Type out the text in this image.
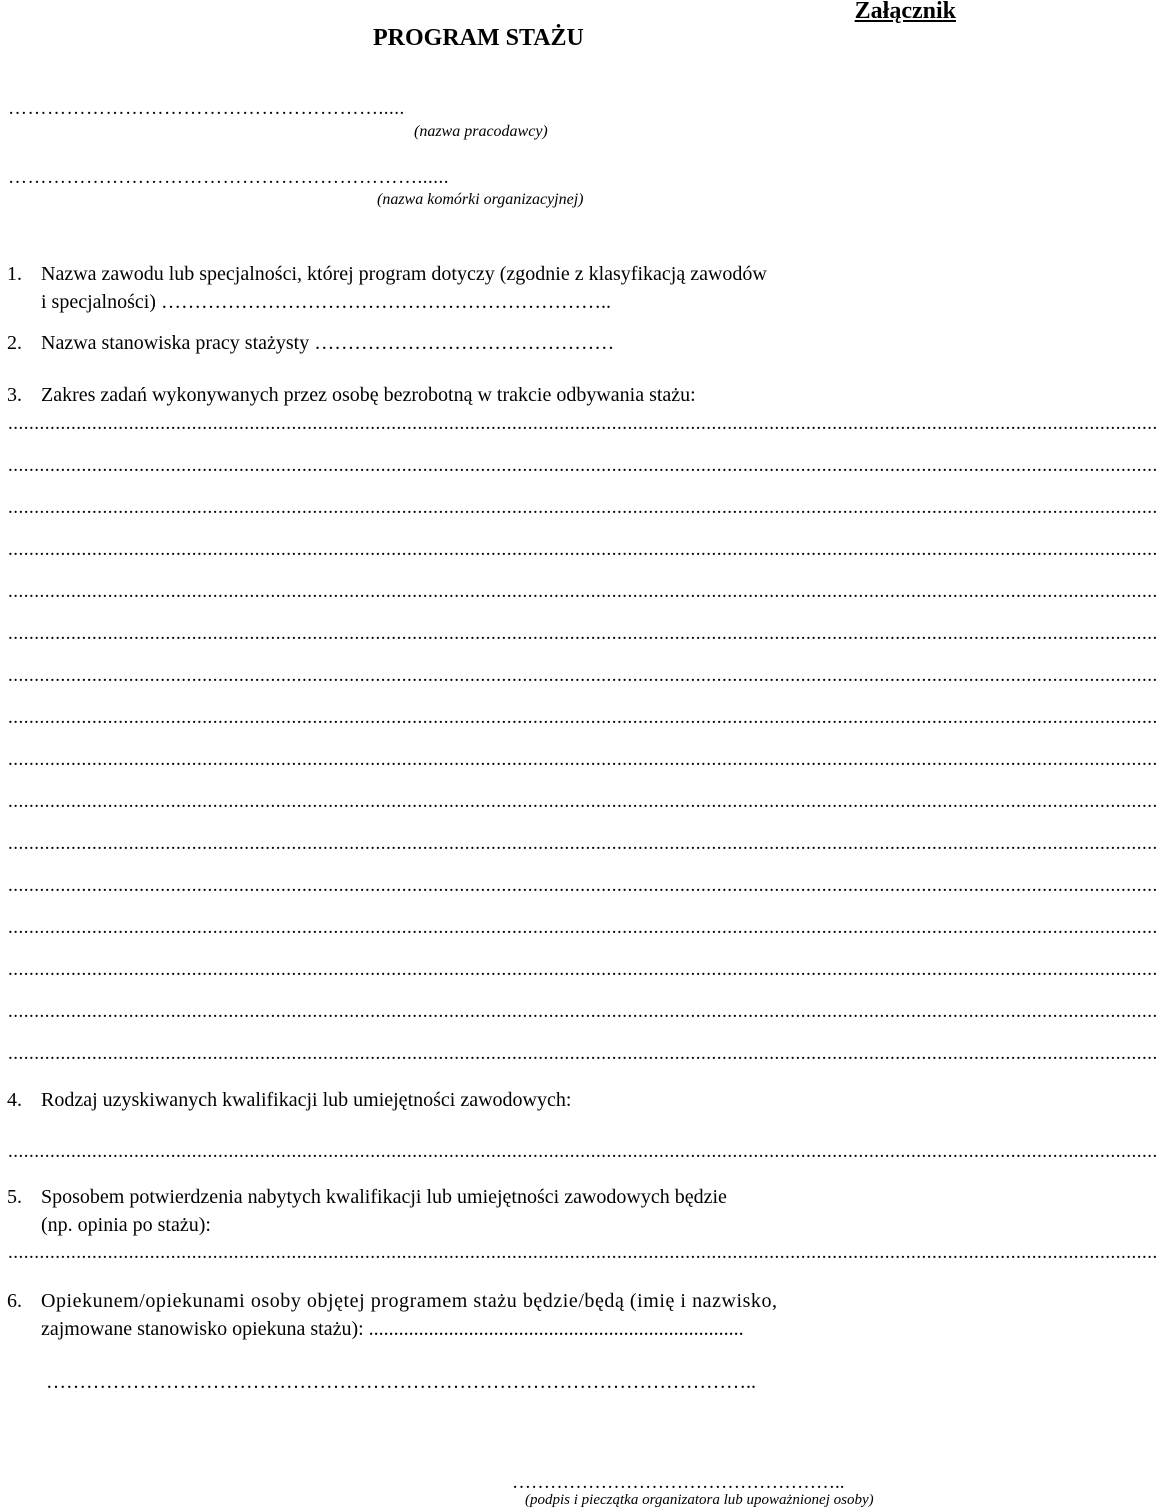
Załącznik
PROGRAM STAŻU
………………………………………………….....
(nazwa pracodawcy)
………………………………………………………......
(nazwa komórki organizacyjnej)
1. Nazwa zawodu lub specjalności, której program dotyczy (zgodnie z klasyfikacją zawodów
i specjalności) …………………………………………………………..
2. Nazwa stanowiska pracy stażysty ………………………………………
3. Zakres zadań wykonywanych przez osobę bezrobotną w trakcie odbywania stażu:
...........................................................................................................................................................................................................................
...........................................................................................................................................................................................................................
...........................................................................................................................................................................................................................
...........................................................................................................................................................................................................................
...........................................................................................................................................................................................................................
...........................................................................................................................................................................................................................
...........................................................................................................................................................................................................................
...........................................................................................................................................................................................................................
...........................................................................................................................................................................................................................
...........................................................................................................................................................................................................................
...........................................................................................................................................................................................................................
...........................................................................................................................................................................................................................
...........................................................................................................................................................................................................................
...........................................................................................................................................................................................................................
...........................................................................................................................................................................................................................
...........................................................................................................................................................................................................................
4. Rodzaj uzyskiwanych kwalifikacji lub umiejętności zawodowych:
...........................................................................................................................................................................................................................
5. Sposobem potwierdzenia nabytych kwalifikacji lub umiejętności zawodowych będzie
(np. opinia po stażu):
...........................................................................................................................................................................................................................
6. Opiekunem/opiekunami osoby objętej programem stażu będzie/będą (imię i nazwisko,
zajmowane stanowisko opiekuna stażu): ...........................................................................
……………………………………………………………………………………………..
……………………………………………..
(podpis i pieczątka organizatora lub upoważnionej osoby)
